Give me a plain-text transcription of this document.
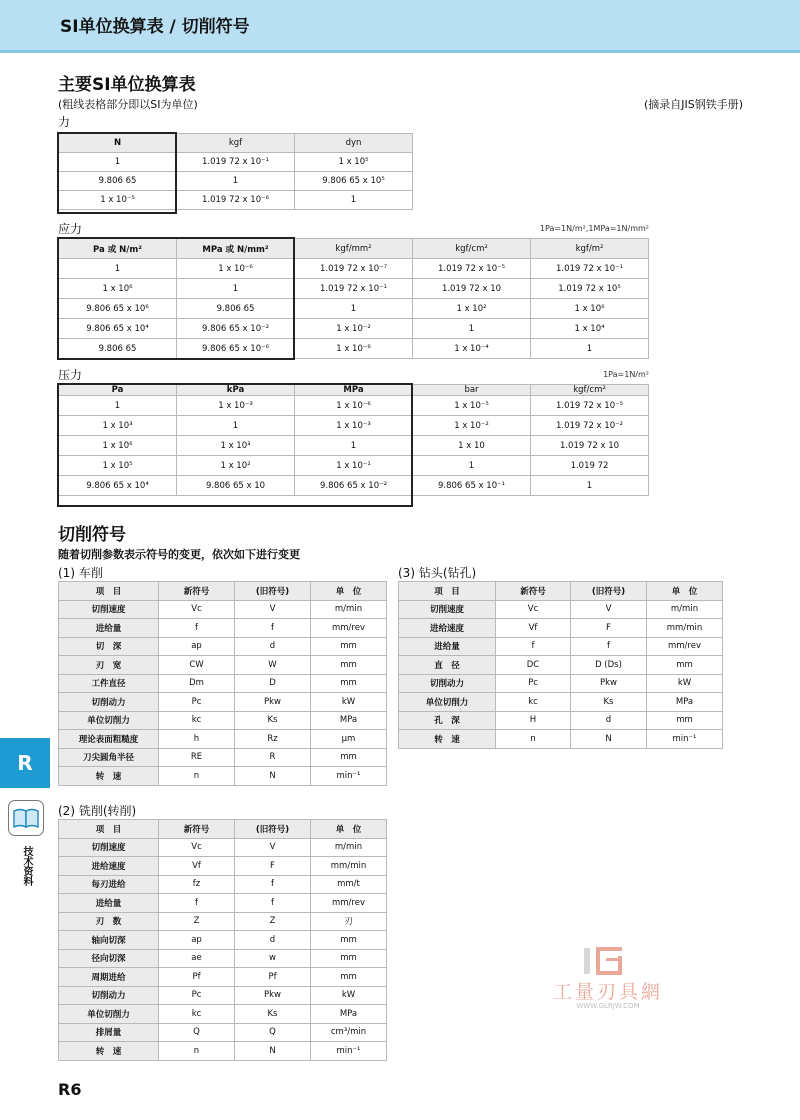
SI单位换算表 / 切削符号
主要SI单位换算表
(粗线表格部分即以SI为单位)	(摘录自JIS钢铁手册)
力
N	kgf	dyn
1	1.019 72 x 10⁻¹	1 x 10⁵
9.806 65	1	9.806 65 x 10⁵
1 x 10⁻⁵	1.019 72 x 10⁻⁶	1
应力	1Pa=1N/m²,1MPa=1N/mm²
Pa 或 N/m²	MPa 或 N/mm²	kgf/mm²	kgf/cm²	kgf/m²
1	1 x 10⁻⁶	1.019 72 x 10⁻⁷	1.019 72 x 10⁻⁵	1.019 72 x 10⁻¹
1 x 10⁶	1	1.019 72 x 10⁻¹	1.019 72 x 10	1.019 72 x 10⁵
9.806 65 x 10⁶	9.806 65	1	1 x 10²	1 x 10⁶
9.806 65 x 10⁴	9.806 65 x 10⁻²	1 x 10⁻²	1	1 x 10⁴
9.806 65	9.806 65 x 10⁻⁶	1 x 10⁻⁶	1 x 10⁻⁴	1
压力	1Pa=1N/m²
Pa	kPa	MPa	bar	kgf/cm²
1	1 x 10⁻³	1 x 10⁻⁶	1 x 10⁻⁵	1.019 72 x 10⁻⁵
1 x 10³	1	1 x 10⁻³	1 x 10⁻²	1.019 72 x 10⁻²
1 x 10⁶	1 x 10³	1	1 x 10	1.019 72 x 10
1 x 10⁵	1 x 10²	1 x 10⁻¹	1	1.019 72
9.806 65 x 10⁴	9.806 65 x 10	9.806 65 x 10⁻²	9.806 65 x 10⁻¹	1
切削符号
随着切削参数表示符号的变更，依次如下进行变更
(1) 车削
项　目	新符号	(旧符号)	单　位
切削速度	Vc	V	m/min
进给量	f	f	mm/rev
切　深	ap	d	mm
刃　宽	CW	W	mm
工件直径	Dm	D	mm
切削动力	Pc	Pkw	kW
单位切削力	kc	Ks	MPa
理论表面粗糙度	h	Rz	μm
刀尖圆角半径	RE	R	mm
转　速	n	N	min⁻¹
(3) 钻头(钻孔)
项　目	新符号	(旧符号)	单　位
切削速度	Vc	V	m/min
进给速度	Vf	F	mm/min
进给量	f	f	mm/rev
直　径	DC	D (Ds)	mm
切削动力	Pc	Pkw	kW
单位切削力	kc	Ks	MPa
孔　深	H	d	mm
转　速	n	N	min⁻¹
(2) 铣削(转削)
项　目	新符号	(旧符号)	单　位
切削速度	Vc	V	m/min
进给速度	Vf	F	mm/min
每刃进给	fz	f	mm/t
进给量	f	f	mm/rev
刃　数	Z	Z	刃
轴向切深	ap	d	mm
径向切深	ae	w	mm
周期进给	Pf	Pf	mm
切削动力	Pc	Pkw	kW
单位切削力	kc	Ks	MPa
排屑量	Q	Q	cm³/min
转　速	n	N	min⁻¹
R
技术资料
R6
工量刃具網
WWW.GLRJW.COM
